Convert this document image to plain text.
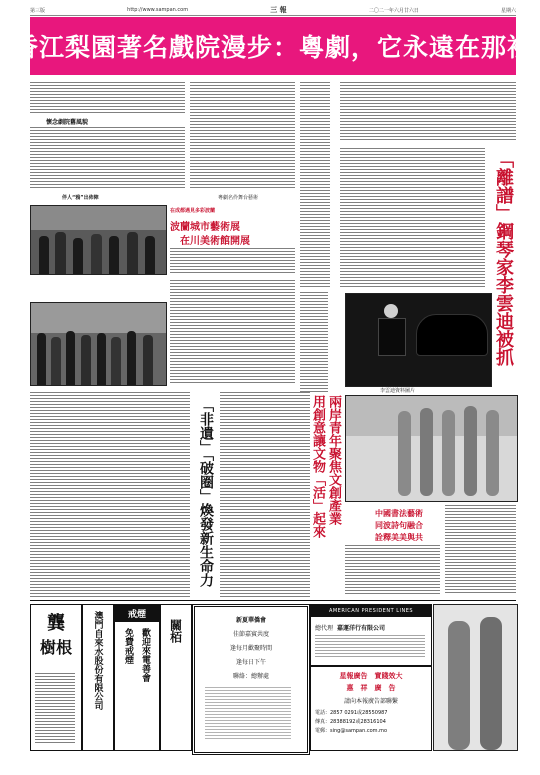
第三版	http://www.sampan.com	三 報	二〇二一年六月廿六日	星期六
香江梨園著名戲院漫步：粵劇，它永遠在那裡
懷念劇院舊風貌
伴人“鴉”出佈陣	粵劇名伶舞台藝術
在成都遇見多彩波蘭
波蘭城市藝術展
在川美術館開展
「非遺」「破圈」煥發新生命力
「離譜」鋼琴家李雲迪被抓
李雲迪資料圖片
兩岸青年聚焦文創產業
用創意讓文物「活」起來	中國書法藝術
同波詩句融合
詮釋美美與共
龔
樹根
澳門
自來水
股份
有限公司
戒煙
免費戒煙 歡迎來電善會 關栢	新夏華僑會
佳節嘉賓共度
逢每月歡聚時間
逢每日下午
聯絡：總辦處
AMERICAN PRESIDENT LINES
總代理 嘉運洋行有限公司
星報廣告　實踐效大
惠　祥　廣　告
請向本報廣告部聯繫
電話：2857 0291或28550987
傳真：28388192或28316104
電郵：sing@sampan.com.mo
